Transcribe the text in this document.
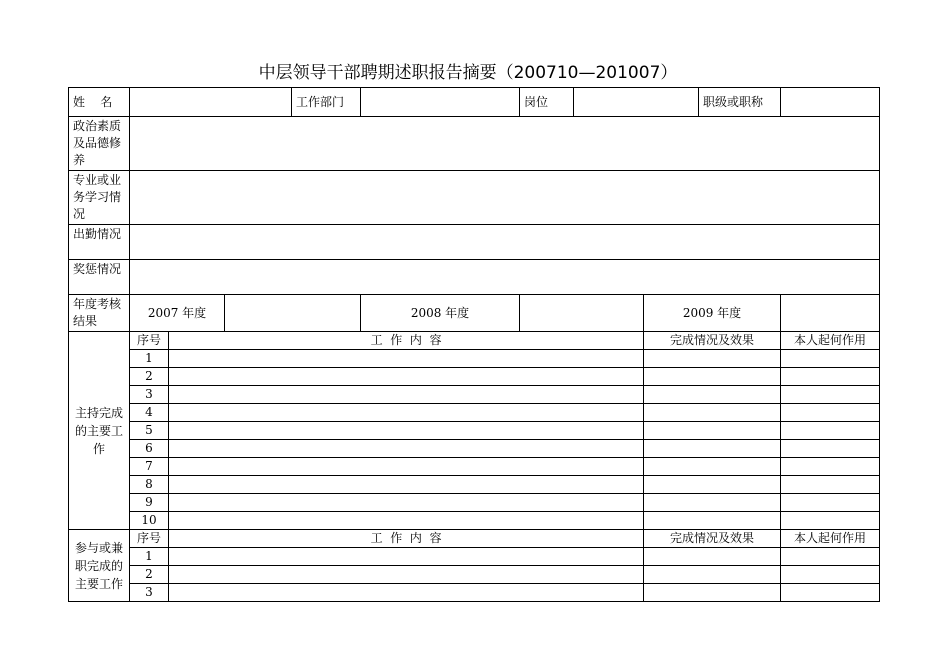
中层领导干部聘期述职报告摘要（200710—201007）
姓    名				工作部门		岗位			职级或职称	
政治素质及品德修养										
专业或业务学习情况										
出勤情况										
奖惩情况										
年度考核结果	2007 年度				2008 年度			2009 年度		
主持完成的主要工作	序号	工  作  内  容						完成情况及效果		本人起何作用
	1									
	2									
	3									
	4									
	5									
	6									
	7									
	8									
	9									
	10									
参与或兼职完成的主要工作	序号	工  作  内  容						完成情况及效果		本人起何作用
	1									
	2									
	3									
